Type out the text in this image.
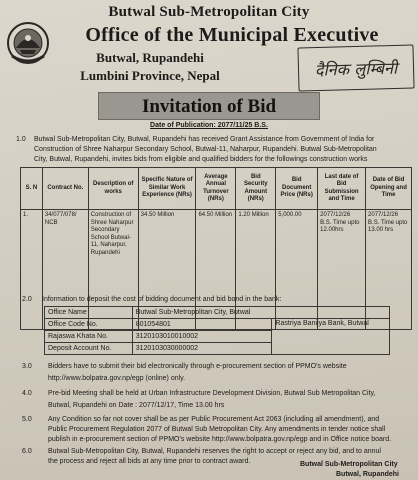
Butwal Sub-Metropolitan City
Office of the Municipal Executive
Butwal, Rupandehi
Lumbini Province, Nepal	दैनिक लुम्बिनी
Invitation of Bid
Date of Publication: 2077/11/25 B.S.
1.0 Butwal Sub-Metropolitan City, Butwal, Rupandehi has received Grant Assistance from Government of India for
Construction of Shree Naharpur Secondary School, Butwal-11, Naharpur, Rupandehi. Butwal Sub-Metropolitan
City, Butwal, Rupandehi, invites bids from eligible and qualified bidders for the followings construction works
S. N	Contract No.	Description of works	Specific Nature of Similar Work Experience (NRs)	Average Annual Turnover (NRs)	Bid Security Amount (NRs)	Bid Document Price (NRs)	Last date of Bid Submission and Time	Date of Bid Opening and Time
1.	34/077/078/ NCB	Construction of Shree Naharpur Secondary School Butwal-11, Naharpur, Rupandehi	34.50 Million	64.50 Million	1.20 Million	5,000.00	2077/12/26 B.S. Time upto 12.00hrs	2077/12/26 B.S. Time upto 13.00 hrs
2.0 Information to deposit the cost of bidding document and bid bond in the bank:
Office Name	Butwal Sub-Metropolitan City, Butwal	
Office Code No.	801054801	Rastriya Banijya Bank, Butwal
Rajaswa Khata No.	3120103010010002	
Deposit Account No.	3120103030000002	
3.0 Bidders have to submit their bid electronically through e-procurement section of PPMO's website
http://www.bolpatra.gov.np/egp (online) only.
4.0 Pre-bid Meeting shall be held at Urban Infrastructure Development Division, Butwal Sub Metropolitan City,
Butwal, Rupandehi on Date : 2077/12/17, Time 13.00 hrs
5.0 Any Condition so far not cover shall be as per Public Procurement Act 2063 (including all amendment), and
Public Procurement Regulation 2077 of Butwal Sub Metropolitan City. Any amendments in tender notice shall
publish in e-procurement section of PPMO's website http://www.bolpatra.gov.np/egp and in Office notice board.
6.0 Butwal Sub-Metropolitan City, Butwal, Rupandehi reserves the right to accept or reject any bid, and to annul
the process and reject all bids at any time prior to contract award.	Butwal Sub-Metropolitan City
Butwal, Rupandehi
